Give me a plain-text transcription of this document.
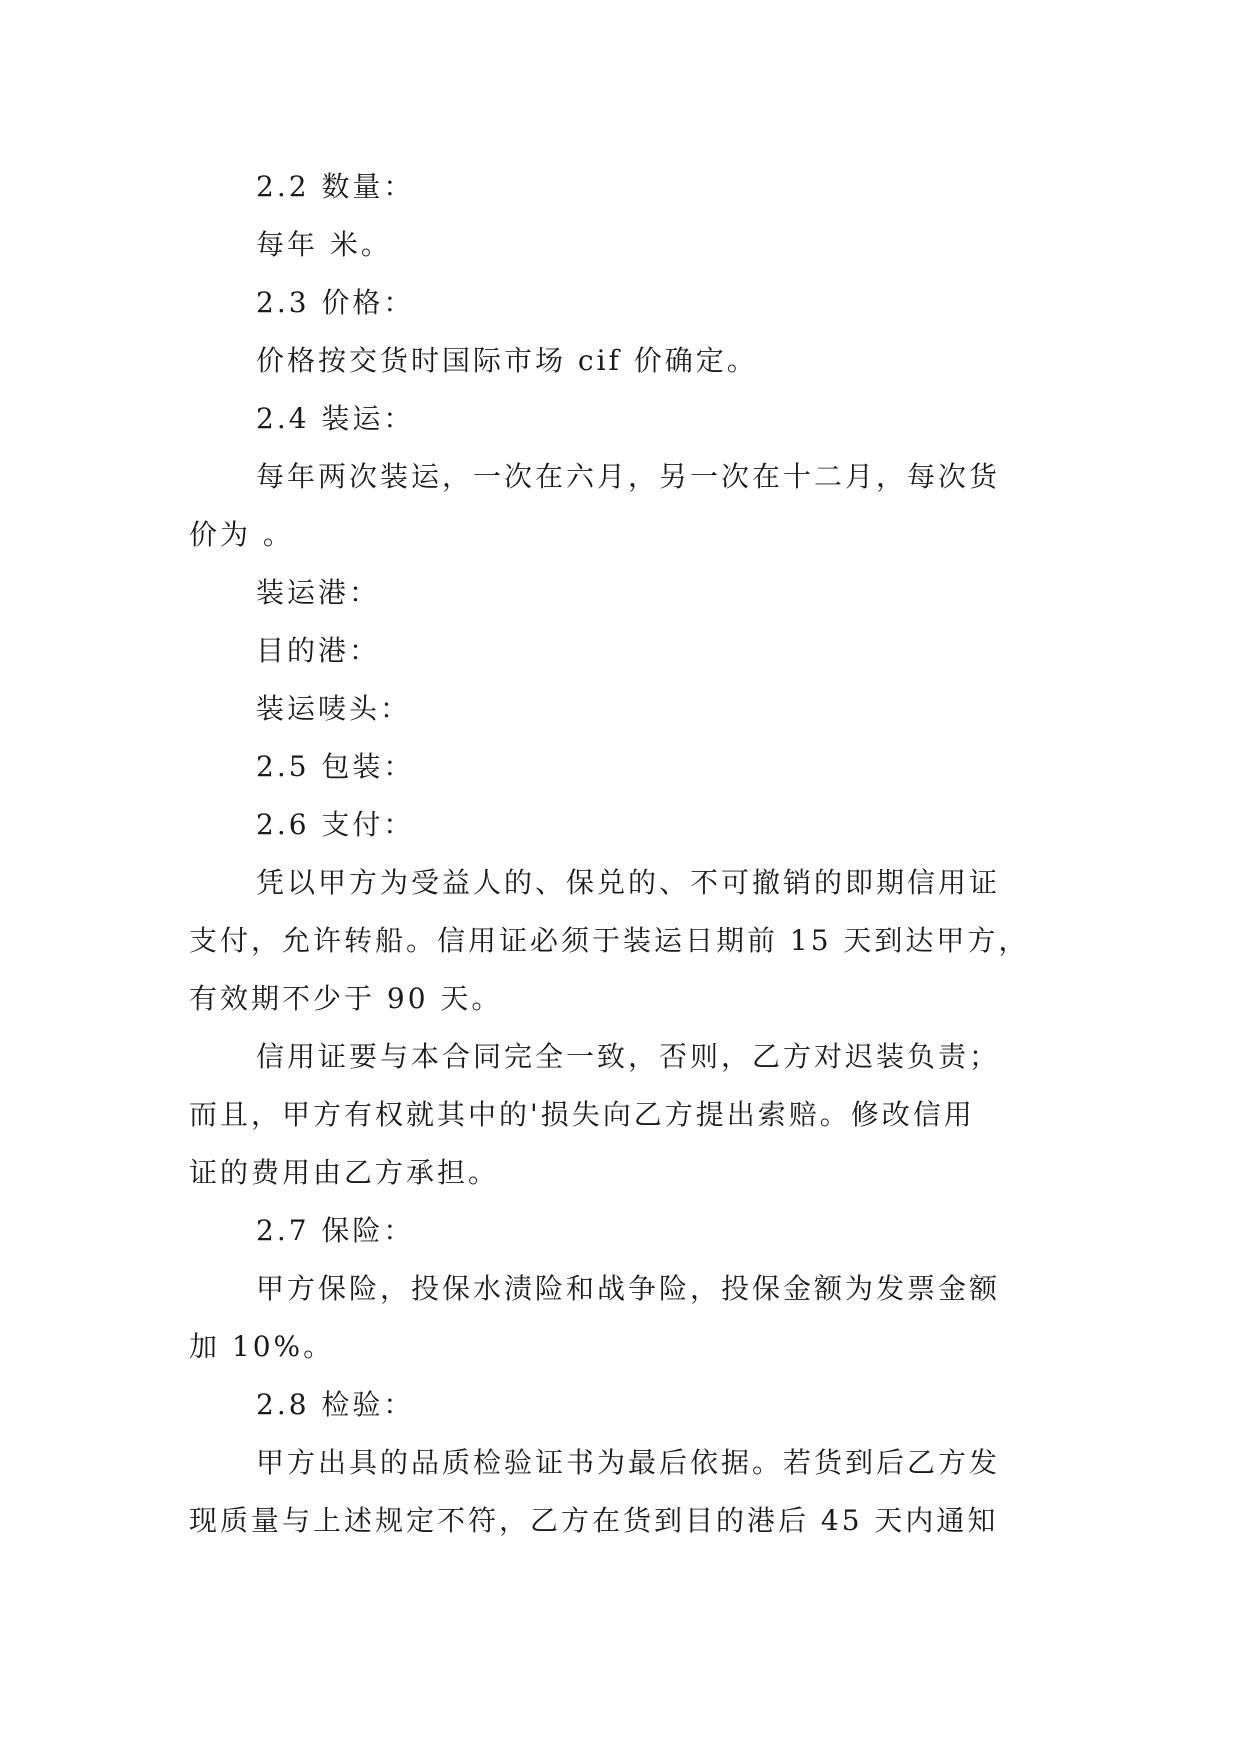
2.2 数量：
每年 米。
2.3 价格：
价格按交货时国际市场 cif 价确定。
2.4 装运：
每年两次装运，一次在六月，另一次在十二月，每次货
价为 。
装运港：
目的港：
装运唛头：
2.5 包装：
2.6 支付：
凭以甲方为受益人的、保兑的、不可撤销的即期信用证
支付，允许转船。信用证必须于装运日期前 15 天到达甲方，
有效期不少于 90 天。
信用证要与本合同完全一致，否则，乙方对迟装负责；
而且，甲方有权就其中的'损失向乙方提出索赔。修改信用
证的费用由乙方承担。
2.7 保险：
甲方保险，投保水渍险和战争险，投保金额为发票金额
加 10%。
2.8 检验：
甲方出具的品质检验证书为最后依据。若货到后乙方发
现质量与上述规定不符，乙方在货到目的港后 45 天内通知
